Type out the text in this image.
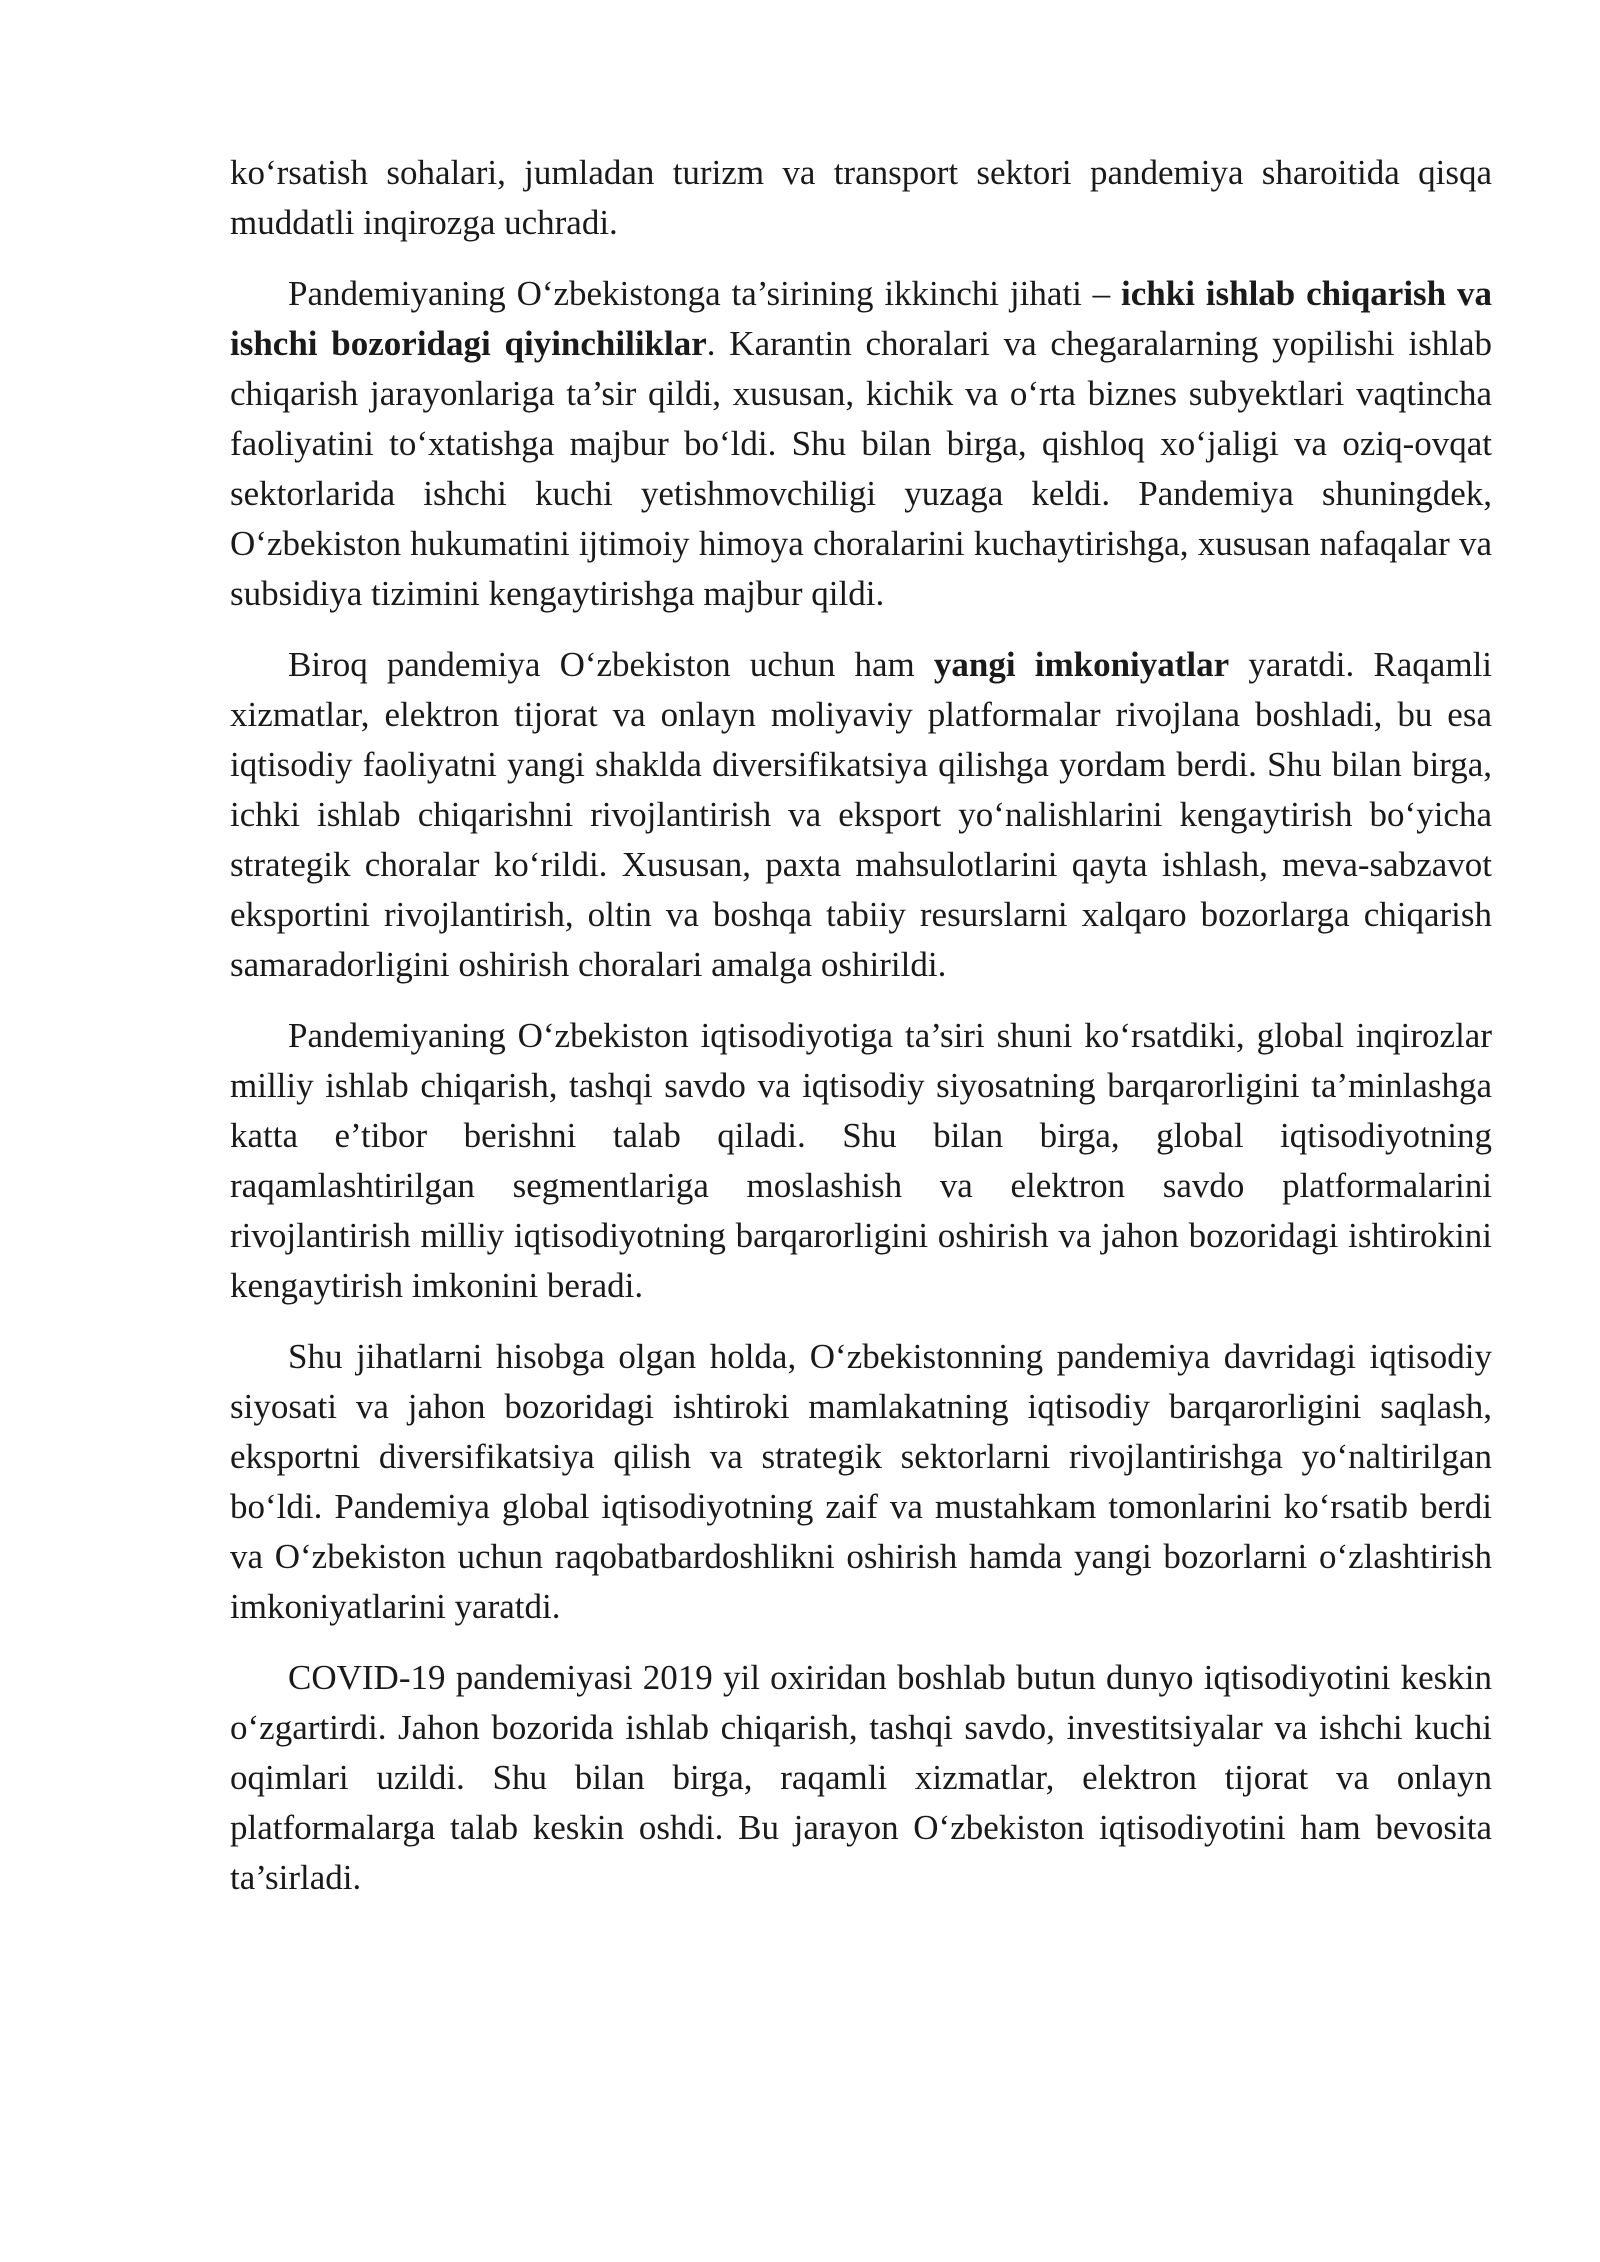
koʻrsatish sohalari, jumladan turizm va transport sektori pandemiya sharoitida qisqa muddatli inqirozga uchradi.

Pandemiyaning Oʻzbekistonga ta’sirining ikkinchi jihati – ichki ishlab chiqarish va ishchi bozoridagi qiyinchiliklar. Karantin choralari va chegaralarning yopilishi ishlab chiqarish jarayonlariga ta’sir qildi, xususan, kichik va oʻrta biznes subyektlari vaqtincha faoliyatini toʻxtatishga majbur boʻldi. Shu bilan birga, qishloq xoʻjaligi va oziq-ovqat sektorlarida ishchi kuchi yetishmovchiligi yuzaga keldi. Pandemiya shuningdek, Oʻzbekiston hukumatini ijtimoiy himoya choralarini kuchaytirishga, xususan nafaqalar va subsidiya tizimini kengaytirishga majbur qildi.

Biroq pandemiya Oʻzbekiston uchun ham yangi imkoniyatlar yaratdi. Raqamli xizmatlar, elektron tijorat va onlayn moliyaviy platformalar rivojlana boshladi, bu esa iqtisodiy faoliyatni yangi shaklda diversifikatsiya qilishga yordam berdi. Shu bilan birga, ichki ishlab chiqarishni rivojlantirish va eksport yoʻnalishlarini kengaytirish boʻyicha strategik choralar koʻrildi. Xususan, paxta mahsulotlarini qayta ishlash, meva-sabzavot eksportini rivojlantirish, oltin va boshqa tabiiy resurslarni xalqaro bozorlarga chiqarish samaradorligini oshirish choralari amalga oshirildi.

Pandemiyaning Oʻzbekiston iqtisodiyotiga ta’siri shuni koʻrsatdiki, global inqirozlar milliy ishlab chiqarish, tashqi savdo va iqtisodiy siyosatning barqarorligini ta’minlashga katta e’tibor berishni talab qiladi. Shu bilan birga, global iqtisodiyotning raqamlashtirilgan segmentlariga moslashish va elektron savdo platformalarini rivojlantirish milliy iqtisodiyotning barqarorligini oshirish va jahon bozoridagi ishtirokini kengaytirish imkonini beradi.

Shu jihatlarni hisobga olgan holda, Oʻzbekistonning pandemiya davridagi iqtisodiy siyosati va jahon bozoridagi ishtiroki mamlakatning iqtisodiy barqarorligini saqlash, eksportni diversifikatsiya qilish va strategik sektorlarni rivojlantirishga yoʻnaltirilgan boʻldi. Pandemiya global iqtisodiyotning zaif va mustahkam tomonlarini koʻrsatib berdi va Oʻzbekiston uchun raqobatbardoshlikni oshirish hamda yangi bozorlarni oʻzlashtirish imkoniyatlarini yaratdi.

COVID-19 pandemiyasi 2019 yil oxiridan boshlab butun dunyo iqtisodiyotini keskin oʻzgartirdi. Jahon bozorida ishlab chiqarish, tashqi savdo, investitsiyalar va ishchi kuchi oqimlari uzildi. Shu bilan birga, raqamli xizmatlar, elektron tijorat va onlayn platformalarga talab keskin oshdi. Bu jarayon Oʻzbekiston iqtisodiyotini ham bevosita ta’sirladi.
